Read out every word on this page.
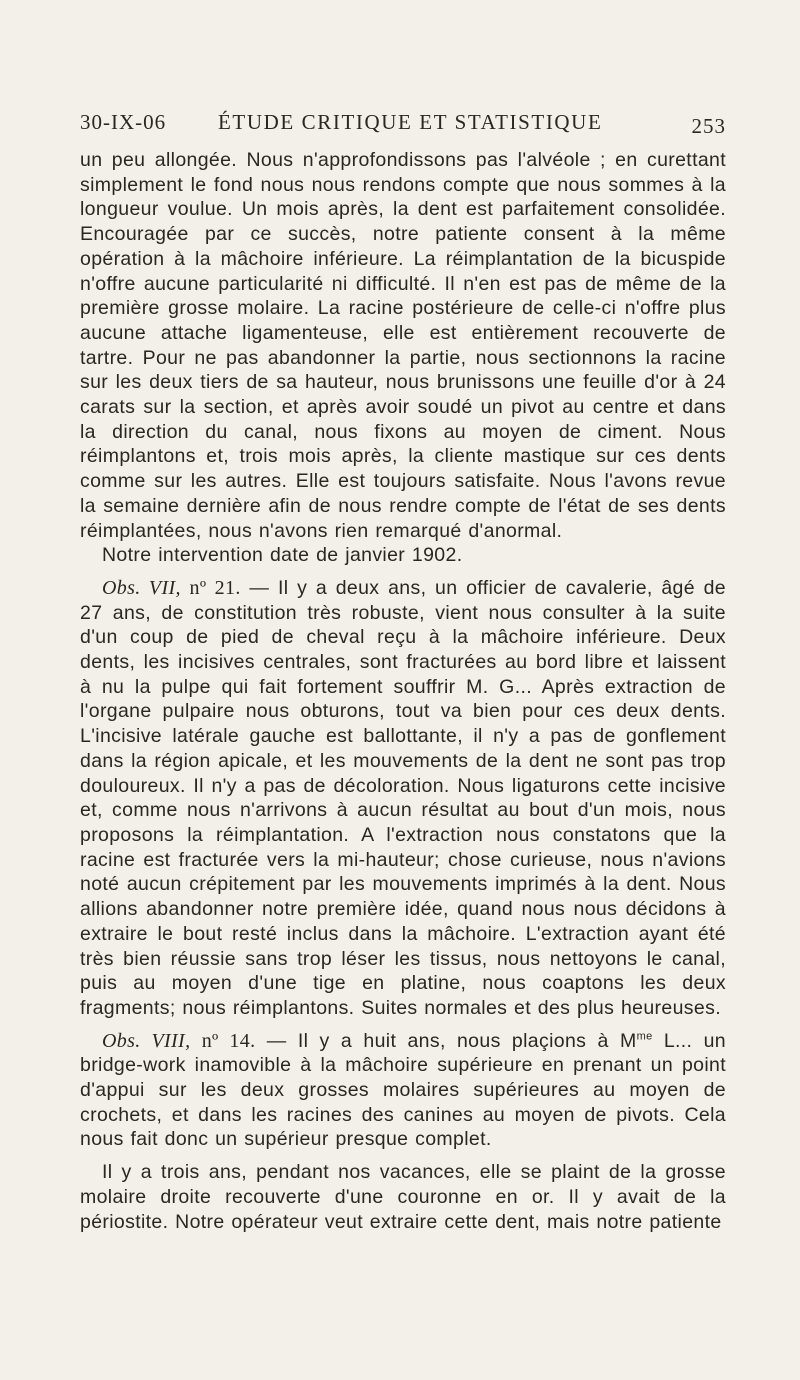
30-IX-06 ÉTUDE CRITIQUE ET STATISTIQUE	253

un peu allongée. Nous n'approfondissons pas l'alvéole ; en curettant simplement le fond nous nous rendons compte que nous sommes à la longueur voulue. Un mois après, la dent est parfaitement consolidée. Encouragée par ce succès, notre patiente consent à la même opération à la mâchoire inférieure. La réimplantation de la bicuspide n'offre aucune particularité ni difficulté. Il n'en est pas de même de la première grosse molaire. La racine postérieure de celle-ci n'offre plus aucune attache ligamenteuse, elle est entièrement recouverte de tartre. Pour ne pas abandonner la partie, nous sectionnons la racine sur les deux tiers de sa hauteur, nous brunissons une feuille d'or à 24 carats sur la section, et après avoir soudé un pivot au centre et dans la direction du canal, nous fixons au moyen de ciment. Nous réimplantons et, trois mois après, la cliente mastique sur ces dents comme sur les autres. Elle est toujours satisfaite. Nous l'avons revue la semaine dernière afin de nous rendre compte de l'état de ses dents réimplantées, nous n'avons rien remarqué d'anormal.

Notre intervention date de janvier 1902.

Obs. VII, nº 21. — Il y a deux ans, un officier de cavalerie, âgé de 27 ans, de constitution très robuste, vient nous consulter à la suite d'un coup de pied de cheval reçu à la mâchoire inférieure. Deux dents, les incisives centrales, sont fracturées au bord libre et laissent à nu la pulpe qui fait fortement souffrir M. G... Après extraction de l'organe pulpaire nous obturons, tout va bien pour ces deux dents. L'incisive latérale gauche est ballottante, il n'y a pas de gonflement dans la région apicale, et les mouvements de la dent ne sont pas trop douloureux. Il n'y a pas de décoloration. Nous ligaturons cette incisive et, comme nous n'arrivons à aucun résultat au bout d'un mois, nous proposons la réimplantation. A l'extraction nous constatons que la racine est fracturée vers la mi-hauteur; chose curieuse, nous n'avions noté aucun crépitement par les mouvements imprimés à la dent. Nous allions abandonner notre première idée, quand nous nous décidons à extraire le bout resté inclus dans la mâchoire. L'extraction ayant été très bien réussie sans trop léser les tissus, nous nettoyons le canal, puis au moyen d'une tige en platine, nous coaptons les deux fragments; nous réimplantons. Suites normales et des plus heureuses.

Obs. VIII, nº 14. — Il y a huit ans, nous plaçions à $M^{me}$ L... un bridge-work inamovible à la mâchoire supérieure en prenant un point d'appui sur les deux grosses molaires supérieures au moyen de crochets, et dans les racines des canines au moyen de pivots. Cela nous fait donc un supérieur presque complet.

Il y a trois ans, pendant nos vacances, elle se plaint de la grosse molaire droite recouverte d'une couronne en or. Il y avait de la périostite. Notre opérateur veut extraire cette dent, mais notre patiente
